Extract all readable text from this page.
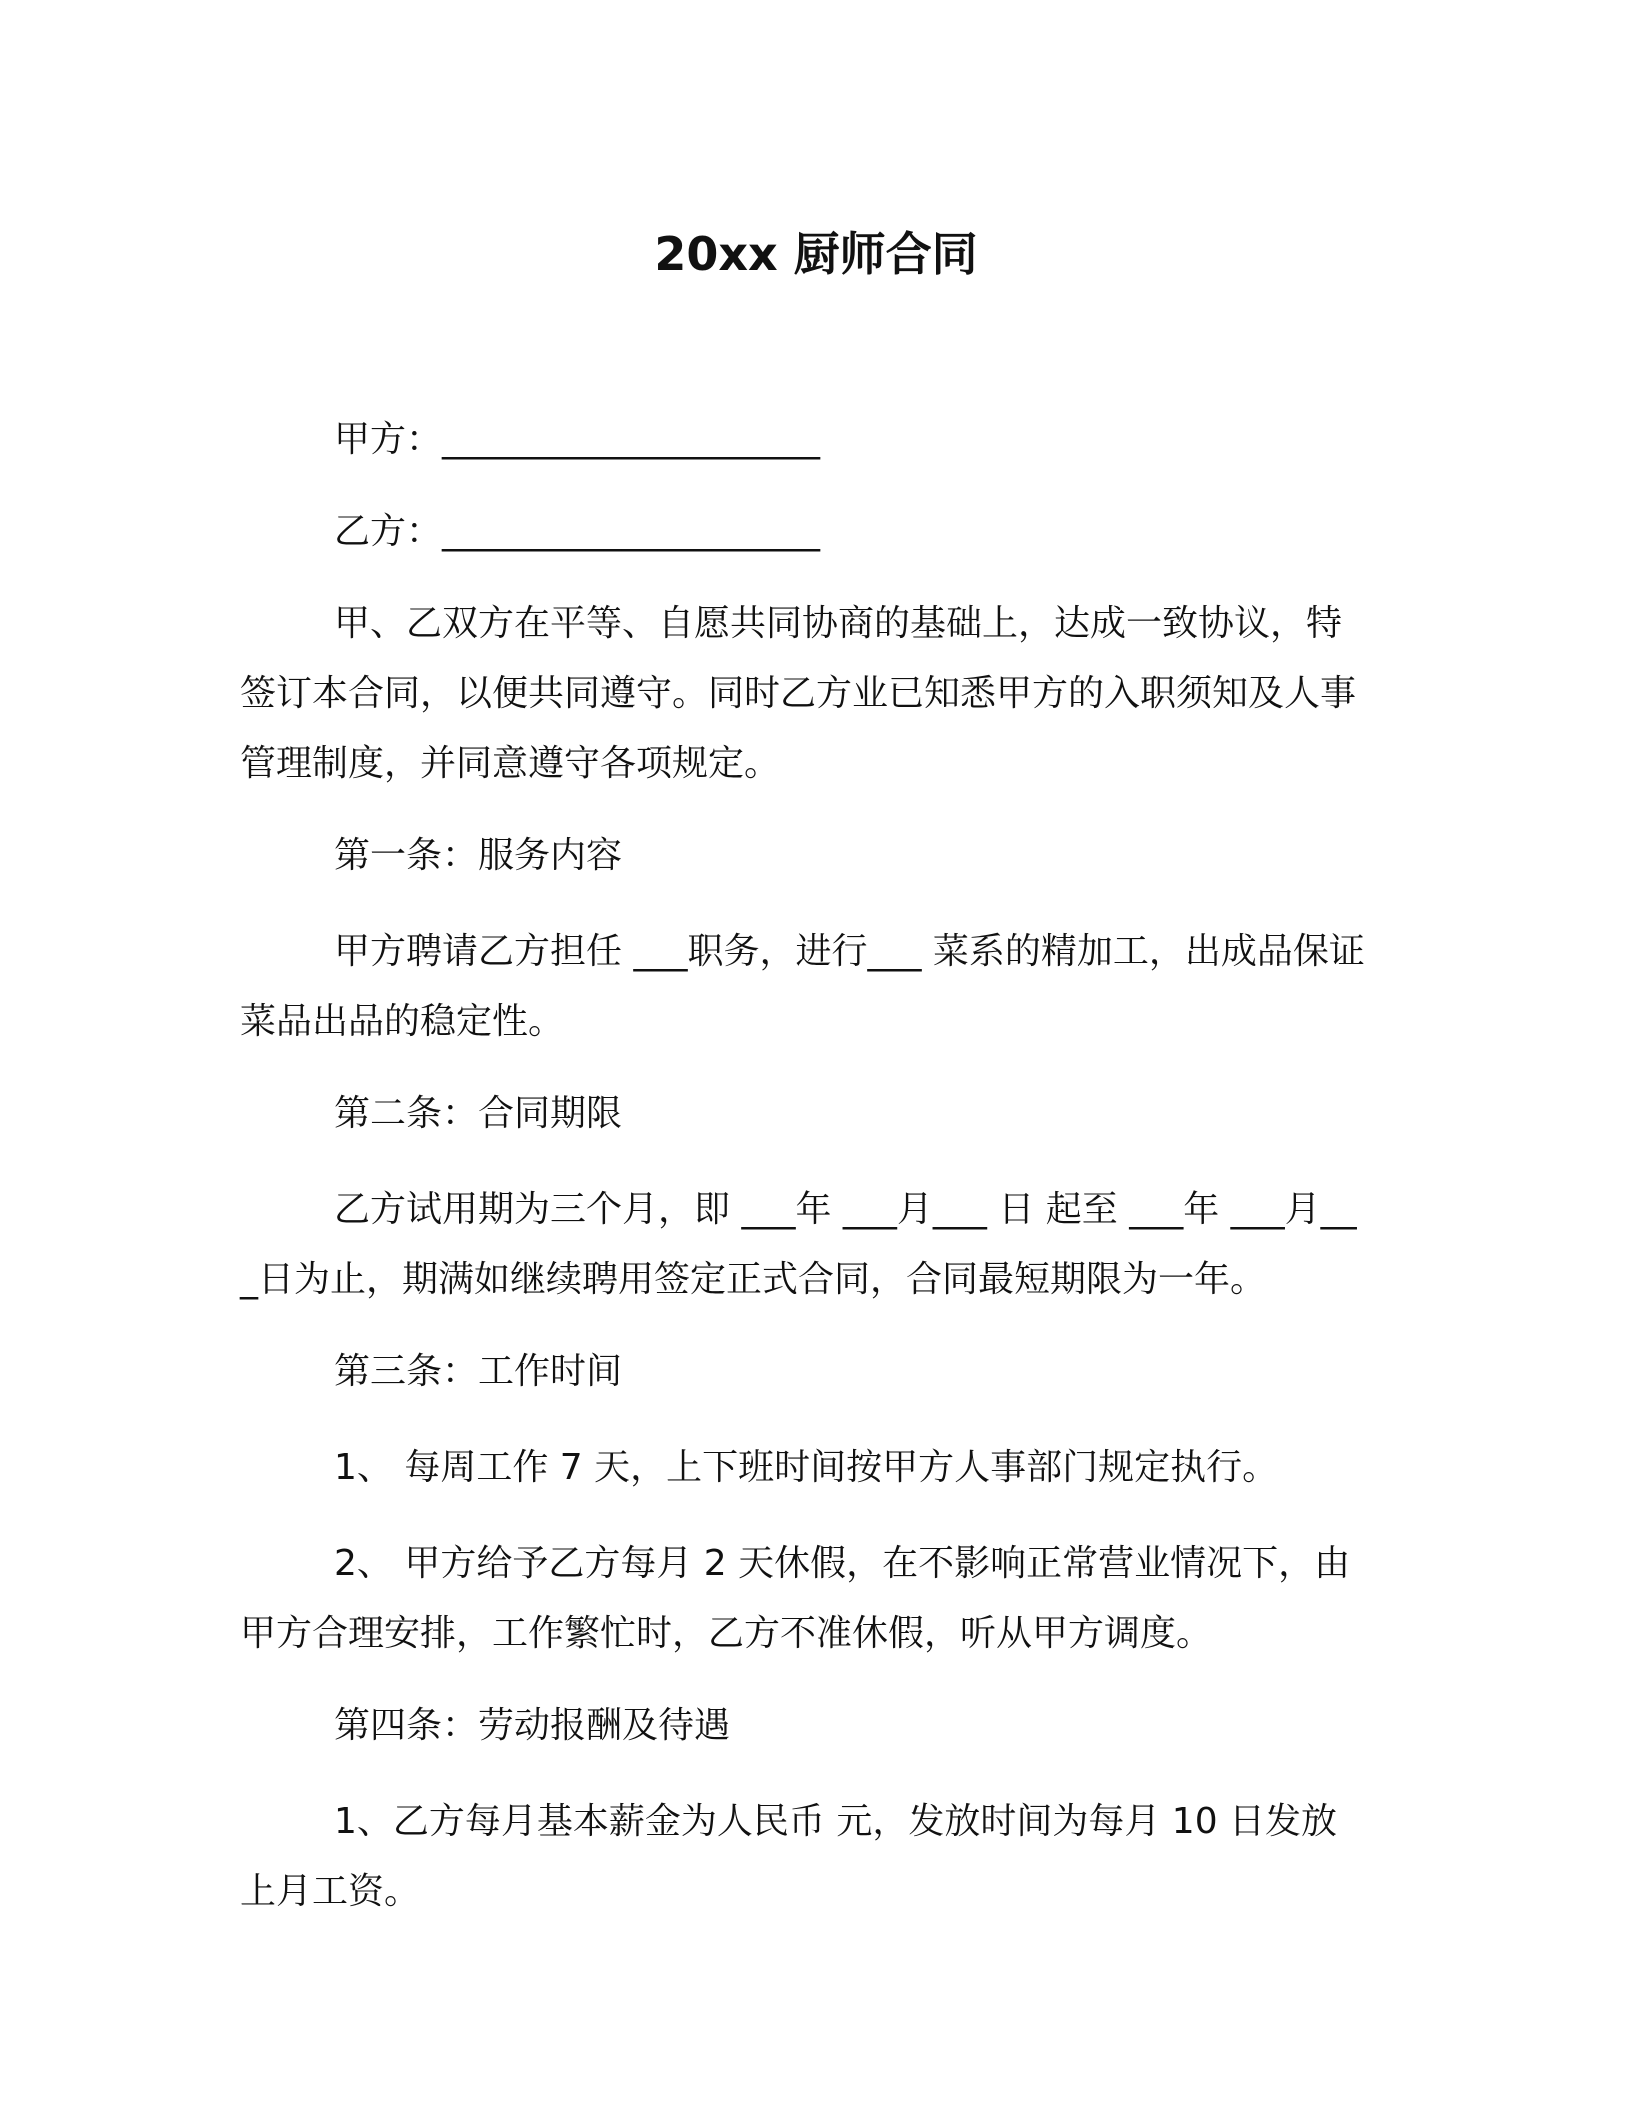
20xx 厨师合同

甲方：_____________________

乙方：_____________________

甲、乙双方在平等、自愿共同协商的基础上，达成一致协议，特签订本合同，以便共同遵守。同时乙方业已知悉甲方的入职须知及人事管理制度，并同意遵守各项规定。

第一条：服务内容

甲方聘请乙方担任 ___职务，进行___ 菜系的精加工，出成品保证菜品出品的稳定性。

第二条：合同期限

乙方试用期为三个月，即 ___年 ___月___ 日 起至 ___年 ___月___日为止，期满如继续聘用签定正式合同，合同最短期限为一年。

第三条：工作时间

1、 每周工作 7 天，上下班时间按甲方人事部门规定执行。

2、 甲方给予乙方每月 2 天休假，在不影响正常营业情况下，由甲方合理安排，工作繁忙时，乙方不准休假，听从甲方调度。

第四条：劳动报酬及待遇

1、乙方每月基本薪金为人民币 元，发放时间为每月 10 日发放上月工资。
